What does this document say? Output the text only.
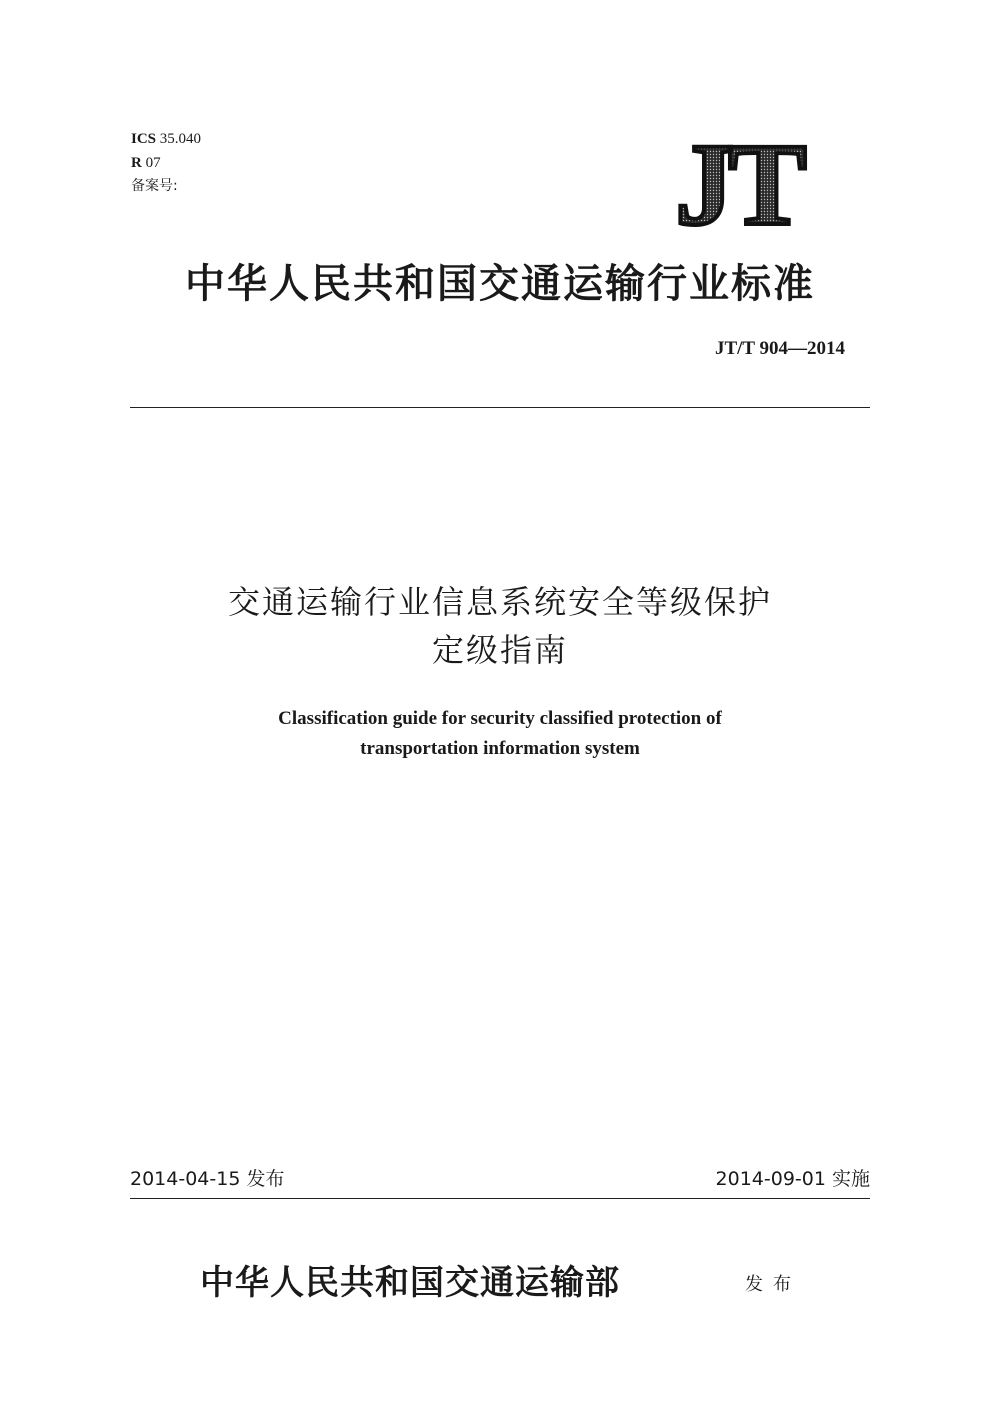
ICS 35.040
R 07
备案号:	JT
中华人民共和国交通运输行业标准
JT/T 904—2014
交通运输行业信息系统安全等级保护
定级指南
Classification guide for security classified protection of
transportation information system
2014-04-15 发布	2014-09-01 实施
中华人民共和国交通运输部	发布
